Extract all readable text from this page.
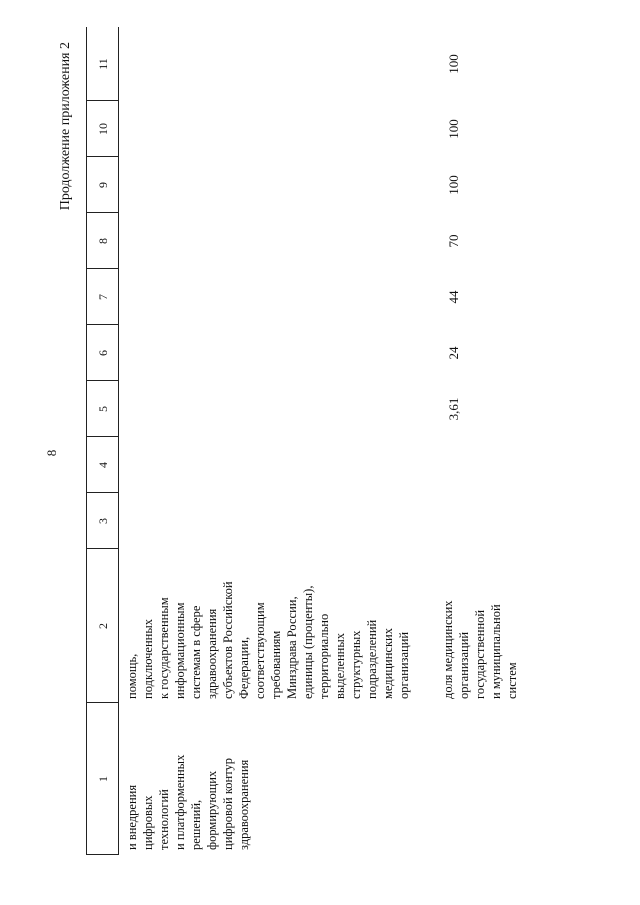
8
Продолжение приложения 2
1
2
3
4
5
6
7
8
9
10
11
и внедрения
цифровых
технологий
и платформенных
решений,
формирующих
цифровой контур
здравоохранения
помощь,
подключенных
к государственным
информационным
системам в сфере
здравоохранения
субъектов Российской
Федерации,
соответствующим
требованиям
Минздрава России,
единицы (проценты),
территориально
выделенных
структурных
подразделений
медицинских
организаций доля медицинских
организаций
государственной
и муниципальной
систем
3,61
24
44
70
100
100
100
